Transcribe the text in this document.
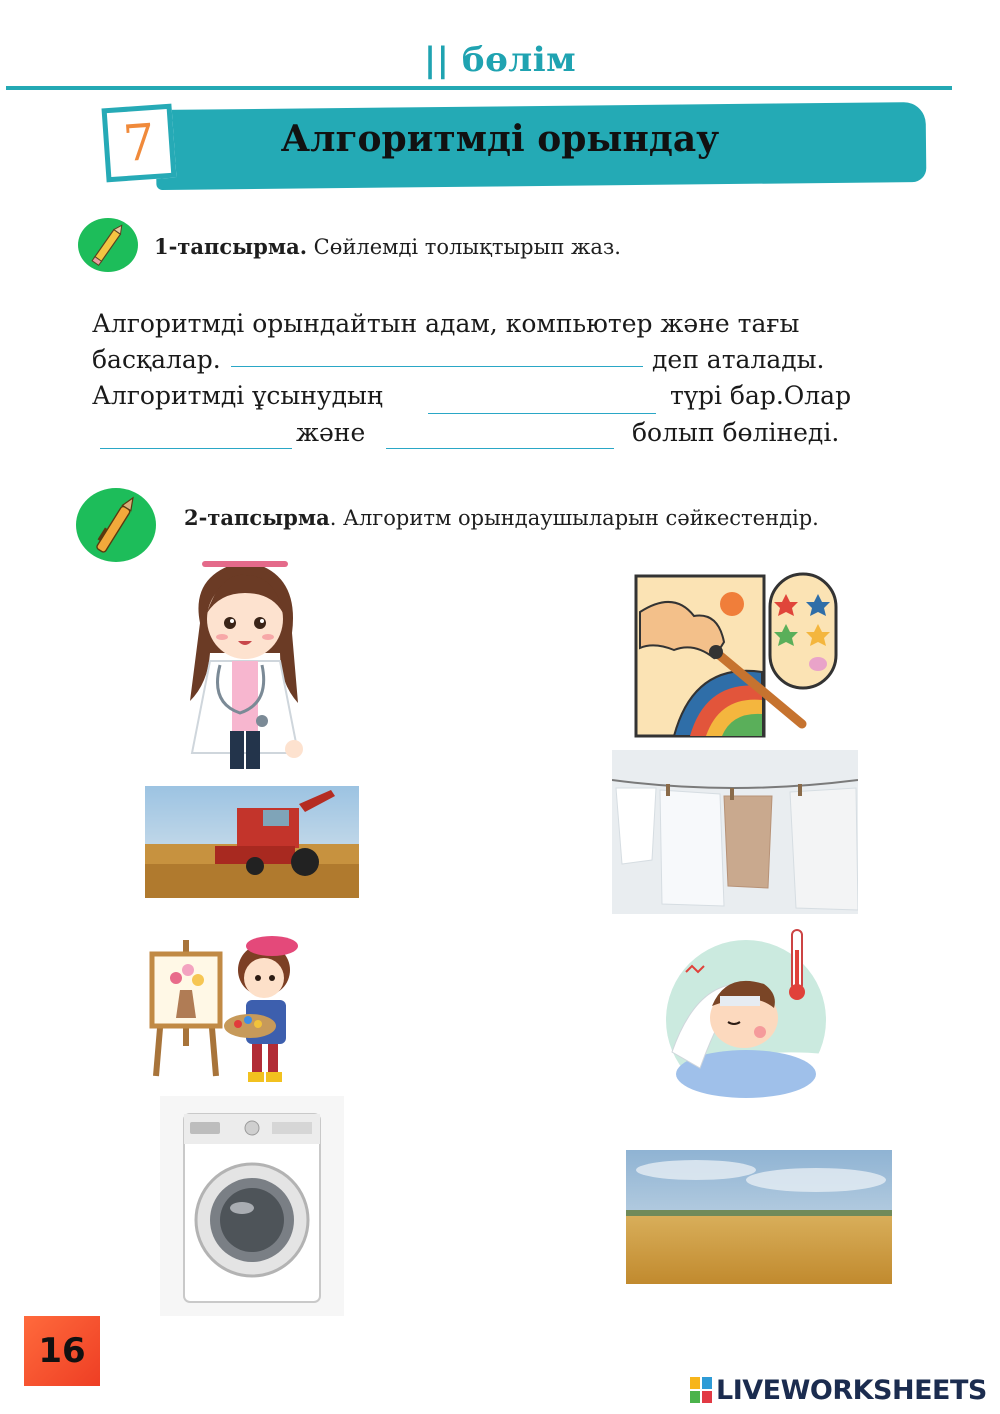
|| бөлім
7	Алгоритмді орындау
1-тапсырма. Сөйлемді толықтырып жаз.
Алгоритмді орындайтын адам, компьютер және тағы
басқалар.	деп аталады.
Алгоритмді ұсынудың	түрі бар.Олар
және	болып бөлінеді.
2-тапсырма. Алгоритм орындаушыларын сәйкестендір.
16
LIVEWORKSHEETS
